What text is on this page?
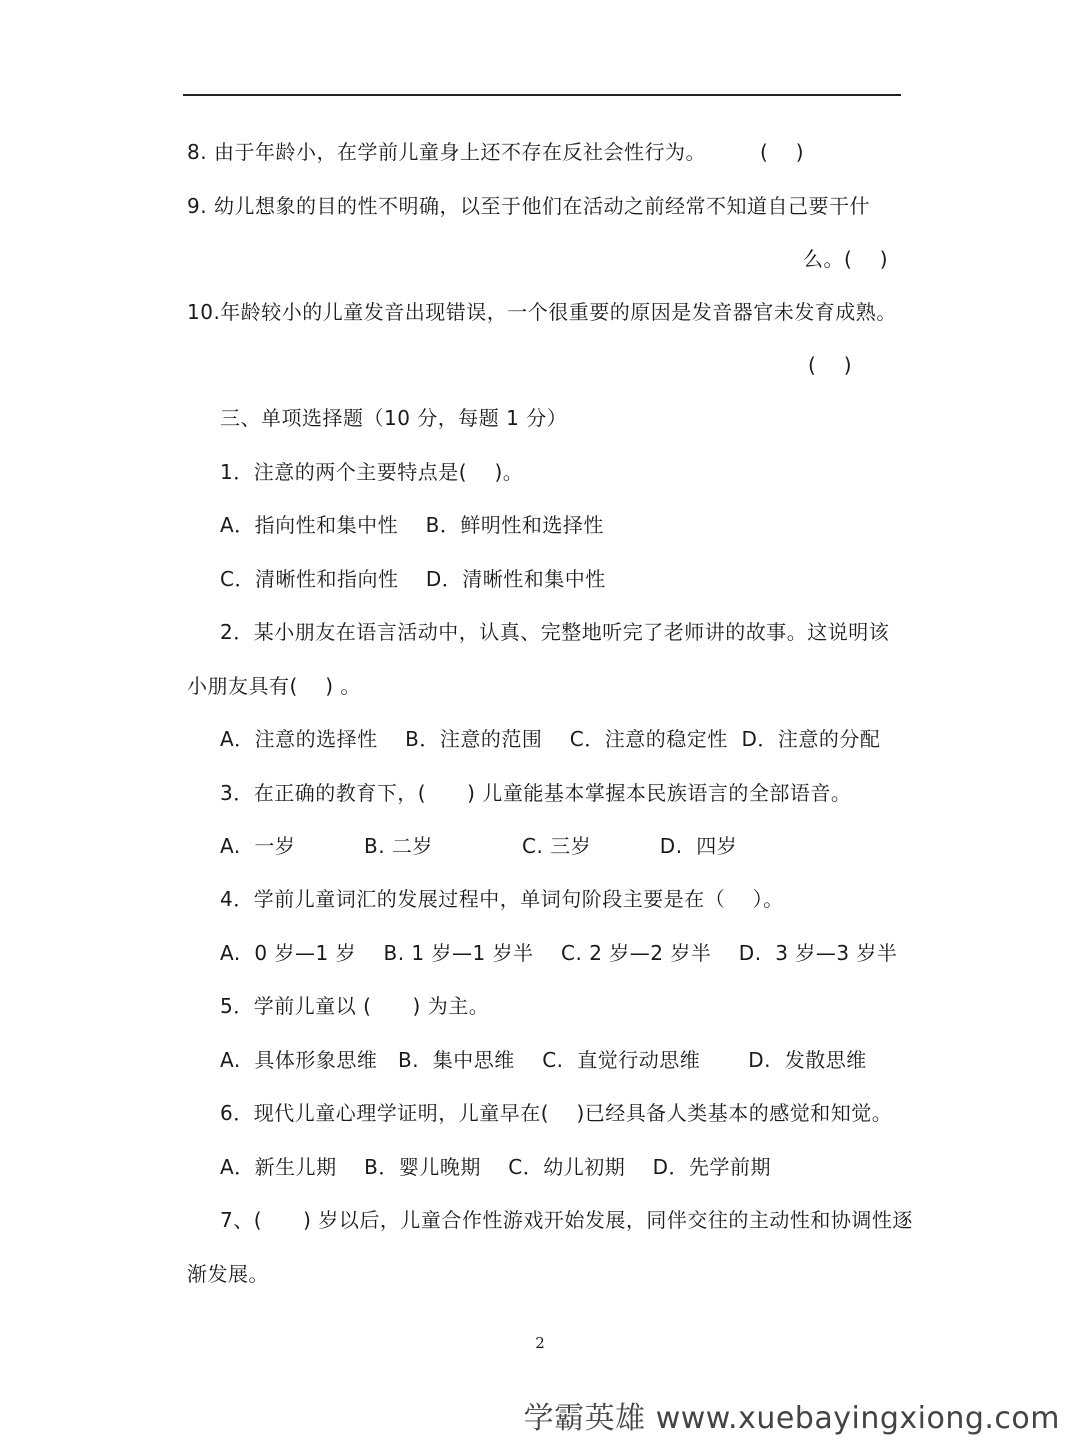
8. 由于年龄小，在学前儿童身上还不存在反社会性行为。	(    )
9. 幼儿想象的目的性不明确，以至于他们在活动之前经常不知道自己要干什
么。(    )
10.年龄较小的儿童发音出现错误，一个很重要的原因是发音器官未发育成熟。
(    )
三、单项选择题（10 分，每题 1 分）
1．注意的两个主要特点是(    )。
A．指向性和集中性    B．鲜明性和选择性
C．清晰性和指向性    D．清晰性和集中性
2．某小朋友在语言活动中，认真、完整地听完了老师讲的故事。这说明该
小朋友具有(    ) 。
A．注意的选择性    B．注意的范围    C．注意的稳定性  D．注意的分配
3．在正确的教育下，(      ) 儿童能基本掌握本民族语言的全部语音。
A.  一岁          B. 二岁             C. 三岁          D.  四岁
4．学前儿童词汇的发展过程中，单词句阶段主要是在（    ）。
A.  0 岁—1 岁    B. 1 岁—1 岁半    C. 2 岁—2 岁半    D.  3 岁—3 岁半
5．学前儿童以 (      ) 为主。
A.  具体形象思维   B.  集中思维    C.  直觉行动思维       D.  发散思维
6．现代儿童心理学证明，儿童早在(    )已经具备人类基本的感觉和知觉。
A．新生儿期    B．婴儿晚期    C．幼儿初期    D．先学前期
7、(      ) 岁以后，儿童合作性游戏开始发展，同伴交往的主动性和协调性逐
渐发展。
2
学霸英雄 www.xuebayingxiong.com
